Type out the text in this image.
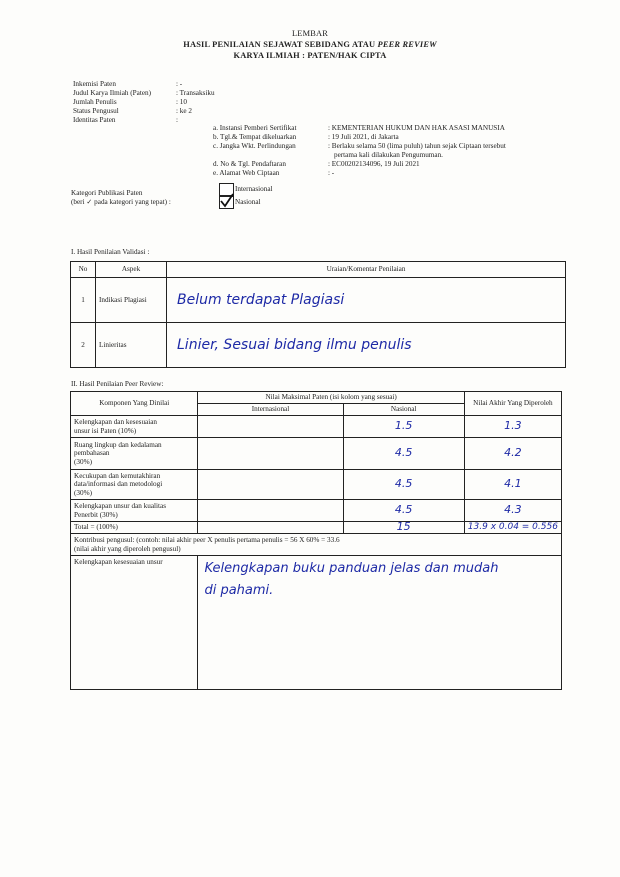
LEMBAR
HASIL PENILAIAN SEJAWAT SEBIDANG ATAU PEER REVIEW
KARYA ILMIAH : PATEN/HAK CIPTA
Inkemisi Paten	: -
Judul Karya Ilmiah (Paten)	: Transaksiku
Jumlah Penulis	: 10
Status Pengusul	: ke 2
Identitas Paten	:
a. Instansi Pemberi Sertifikat	: KEMENTERIAN HUKUM DAN HAK ASASI MANUSIA
b. Tgl.& Tempat dikeluarkan	: 19 Juli 2021, di Jakarta
c. Jangka Wkt. Perlindungan	: Berlaku selama 50 (lima puluh) tahun sejak Ciptaan tersebut
pertama kali dilakukan Pengumuman.
d. No & Tgl. Pendaftaran	: EC00202134096, 19 Juli 2021
e. Alamat Web Ciptaan	: -
Kategori Publikasi Paten
(beri ✓ pada kategori yang tepat) :
Internasional
Nasional
I. Hasil Penilaian Validasi :
No	Aspek	Uraian/Komentar Penilaian
1	Indikasi Plagiasi	Belum terdapat Plagiasi
2	Linieritas	Linier, Sesuai bidang ilmu penulis
II. Hasil Penilaian Peer Review:
Komponen Yang Dinilai	Nilai Maksimal Paten (isi kolom yang sesuai)		Nilai Akhir Yang Diperoleh
	Internasional	Nasional	

Kelengkapan dan kesesuaian
unsur isi Paten (10%)		1.5	1.3

Ruang lingkup dan kedalaman
pembahasan
(30%)		4.5	4.2

Kecukupan dan kemutakhiran
data/informasi dan metodologi
(30%)		4.5	4.1

Kelengkapan unsur dan kualitas
Penerbit (30%)		4.5	4.3
Total = (100%)		15	13.9 x 0.04 = 0.556

Kontribusi pengusul: (contoh: nilai akhir peer X penulis pertama penulis = 56 X 60% = 33.6
(nilai akhir yang diperoleh pengusul)			

Kelengkapan kesesuaian unsur	Kelengkapan buku panduan jelas dan mudah
di pahami.		
